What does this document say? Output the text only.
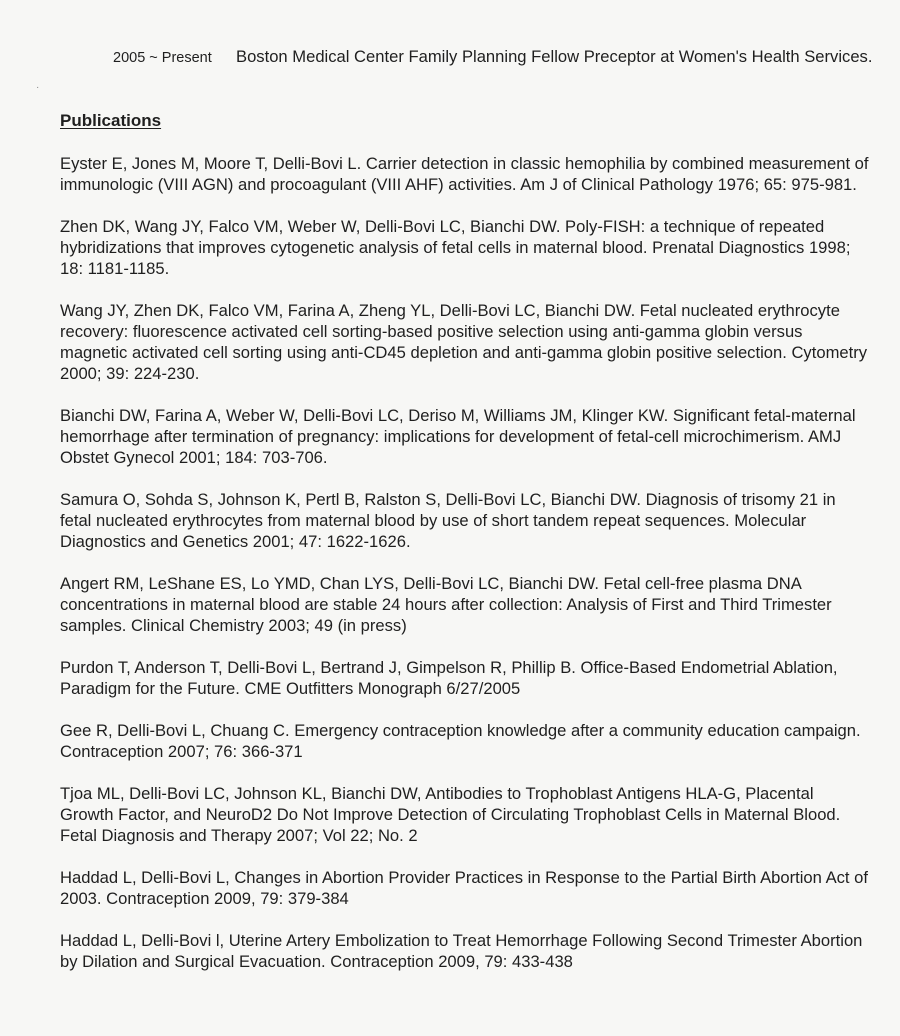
2005 ~ Present	Boston Medical Center Family Planning Fellow Preceptor at Women's Health Services.
Publications
Eyster E, Jones M, Moore T, Delli-Bovi L. Carrier detection in classic hemophilia by combined measurement of immunologic (VIII AGN) and procoagulant (VIII AHF) activities. Am J of Clinical Pathology 1976; 65: 975-981.
Zhen DK, Wang JY, Falco VM, Weber W, Delli-Bovi LC, Bianchi DW. Poly-FISH: a technique of repeated hybridizations that improves cytogenetic analysis of fetal cells in maternal blood. Prenatal Diagnostics 1998; 18: 1181-1185.
Wang JY, Zhen DK, Falco VM, Farina A, Zheng YL, Delli-Bovi LC, Bianchi DW. Fetal nucleated erythrocyte recovery: fluorescence activated cell sorting-based positive selection using anti-gamma globin versus magnetic activated cell sorting using anti-CD45 depletion and anti-gamma globin positive selection. Cytometry 2000; 39: 224-230.
Bianchi DW, Farina A, Weber W, Delli-Bovi LC, Deriso M, Williams JM, Klinger KW. Significant fetal-maternal hemorrhage after termination of pregnancy: implications for development of fetal-cell microchimerism. AMJ Obstet Gynecol 2001; 184: 703-706.
Samura O, Sohda S, Johnson K, Pertl B, Ralston S, Delli-Bovi LC, Bianchi DW. Diagnosis of trisomy 21 in fetal nucleated erythrocytes from maternal blood by use of short tandem repeat sequences. Molecular Diagnostics and Genetics 2001; 47: 1622-1626.
Angert RM, LeShane ES, Lo YMD, Chan LYS, Delli-Bovi LC, Bianchi DW. Fetal cell-free plasma DNA concentrations in maternal blood are stable 24 hours after collection: Analysis of First and Third Trimester samples. Clinical Chemistry 2003; 49 (in press)
Purdon T, Anderson T, Delli-Bovi L, Bertrand J, Gimpelson R, Phillip B. Office-Based Endometrial Ablation, Paradigm for the Future. CME Outfitters Monograph 6/27/2005
Gee R, Delli-Bovi L, Chuang C. Emergency contraception knowledge after a community education campaign. Contraception 2007; 76: 366-371
Tjoa ML, Delli-Bovi LC, Johnson KL, Bianchi DW, Antibodies to Trophoblast Antigens HLA-G, Placental Growth Factor, and NeuroD2 Do Not Improve Detection of Circulating Trophoblast Cells in Maternal Blood. Fetal Diagnosis and Therapy 2007; Vol 22; No. 2
Haddad L, Delli-Bovi L, Changes in Abortion Provider Practices in Response to the Partial Birth Abortion Act of 2003. Contraception 2009, 79: 379-384
Haddad L, Delli-Bovi l, Uterine Artery Embolization to Treat Hemorrhage Following Second Trimester Abortion by Dilation and Surgical Evacuation. Contraception 2009, 79: 433-438
·
